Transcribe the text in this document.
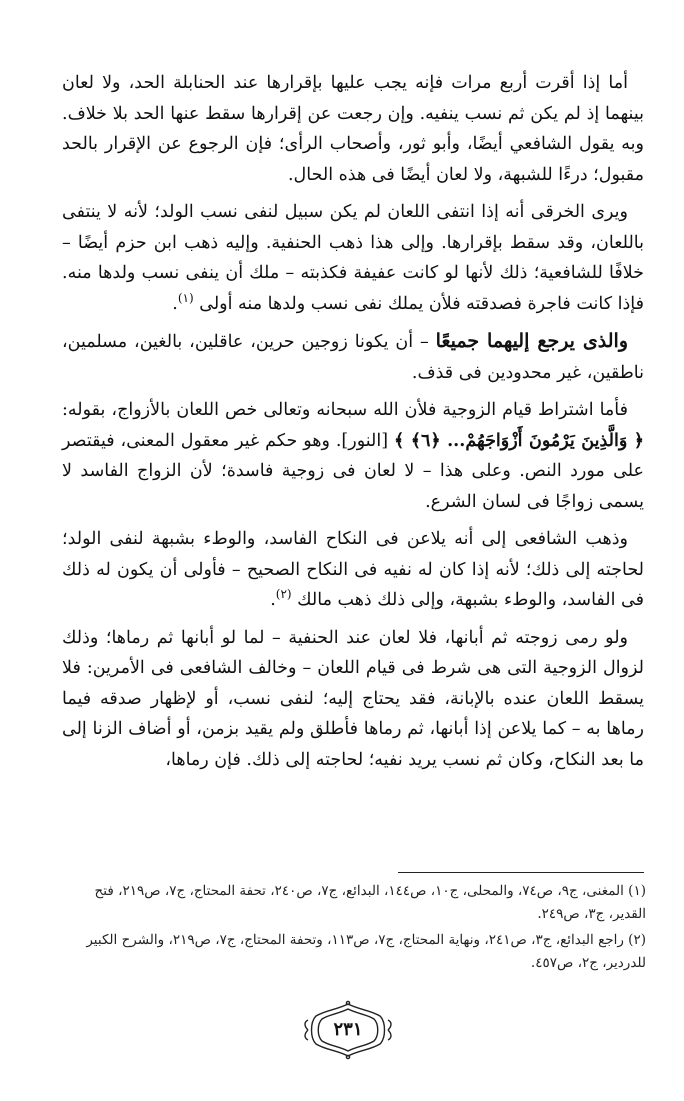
أما إذا أقرت أربع مرات فإنه يجب عليها بإقرارها عند الحنابلة الحد، ولا لعان بينهما إذ لم يكن ثم نسب ينفيه. وإن رجعت عن إقرارها سقط عنها الحد بلا خلاف. وبه يقول الشافعي أيضًا، وأبو ثور، وأصحاب الرأى؛ فإن الرجوع عن الإقرار بالحد مقبول؛ درءًا للشبهة، ولا لعان أيضًا فى هذه الحال.

ويرى الخرقى أنه إذا انتفى اللعان لم يكن سبيل لنفى نسب الولد؛ لأنه لا ينتفى باللعان، وقد سقط بإقرارها. وإلى هذا ذهب الحنفية. وإليه ذهب ابن حزم أيضًا – خلافًا للشافعية؛ ذلك لأنها لو كانت عفيفة فكذبته – ملك أن ينفى نسب ولدها منه. فإذا كانت فاجرة فصدقته فلأن يملك نفى نسب ولدها منه أولى $^{(١)}$.

والذى يرجع إليهما جميعًا – أن يكونا زوجين حرين، عاقلين، بالغين، مسلمين، ناطقين، غير محدودين فى قذف.

فأما اشتراط قيام الزوجية فلأن الله سبحانه وتعالى خص اللعان بالأزواج، بقوله: ﴿ وَالَّذِينَ يَرْمُونَ أَزْوَاجَهُمْ... ﴿٦﴾ ﴾ [النور]. وهو حكم غير معقول المعنى، فيقتصر على مورد النص. وعلى هذا – لا لعان فى زوجية فاسدة؛ لأن الزواج الفاسد لا يسمى زواجًا فى لسان الشرع.

وذهب الشافعى إلى أنه يلاعن فى النكاح الفاسد، والوطء بشبهة لنفى الولد؛ لحاجته إلى ذلك؛ لأنه إذا كان له نفيه فى النكاح الصحيح – فأولى أن يكون له ذلك فى الفاسد، والوطء بشبهة، وإلى ذلك ذهب مالك $^{(٢)}$.

ولو رمى زوجته ثم أبانها، فلا لعان عند الحنفية – لما لو أبانها ثم رماها؛ وذلك لزوال الزوجية التى هى شرط فى قيام اللعان – وخالف الشافعى فى الأمرين: فلا يسقط اللعان عنده بالإبانة، فقد يحتاج إليه؛ لنفى نسب، أو لإظهار صدقه فيما رماها به – كما يلاعن إذا أبانها، ثم رماها فأطلق ولم يقيد بزمن، أو أضاف الزنا إلى ما بعد النكاح، وكان ثم نسب يريد نفيه؛ لحاجته إلى ذلك. فإن رماها،

(١) المغنى، ج٩، ص٧٤، والمحلى، ج١٠، ص١٤٤، البدائع، ج٧، ص٢٤٠، تحفة المحتاج، ج٧، ص٢١٩، فتح القدير، ج٣، ص٢٤٩.

(٢) راجع البدائع، ج٣، ص٢٤١، ونهاية المحتاج، ج٧، ص١١٣، وتحفة المحتاج، ج٧، ص٢١٩، والشرح الكبير للدردير، ج٢، ص٤٥٧.

٢٣١
